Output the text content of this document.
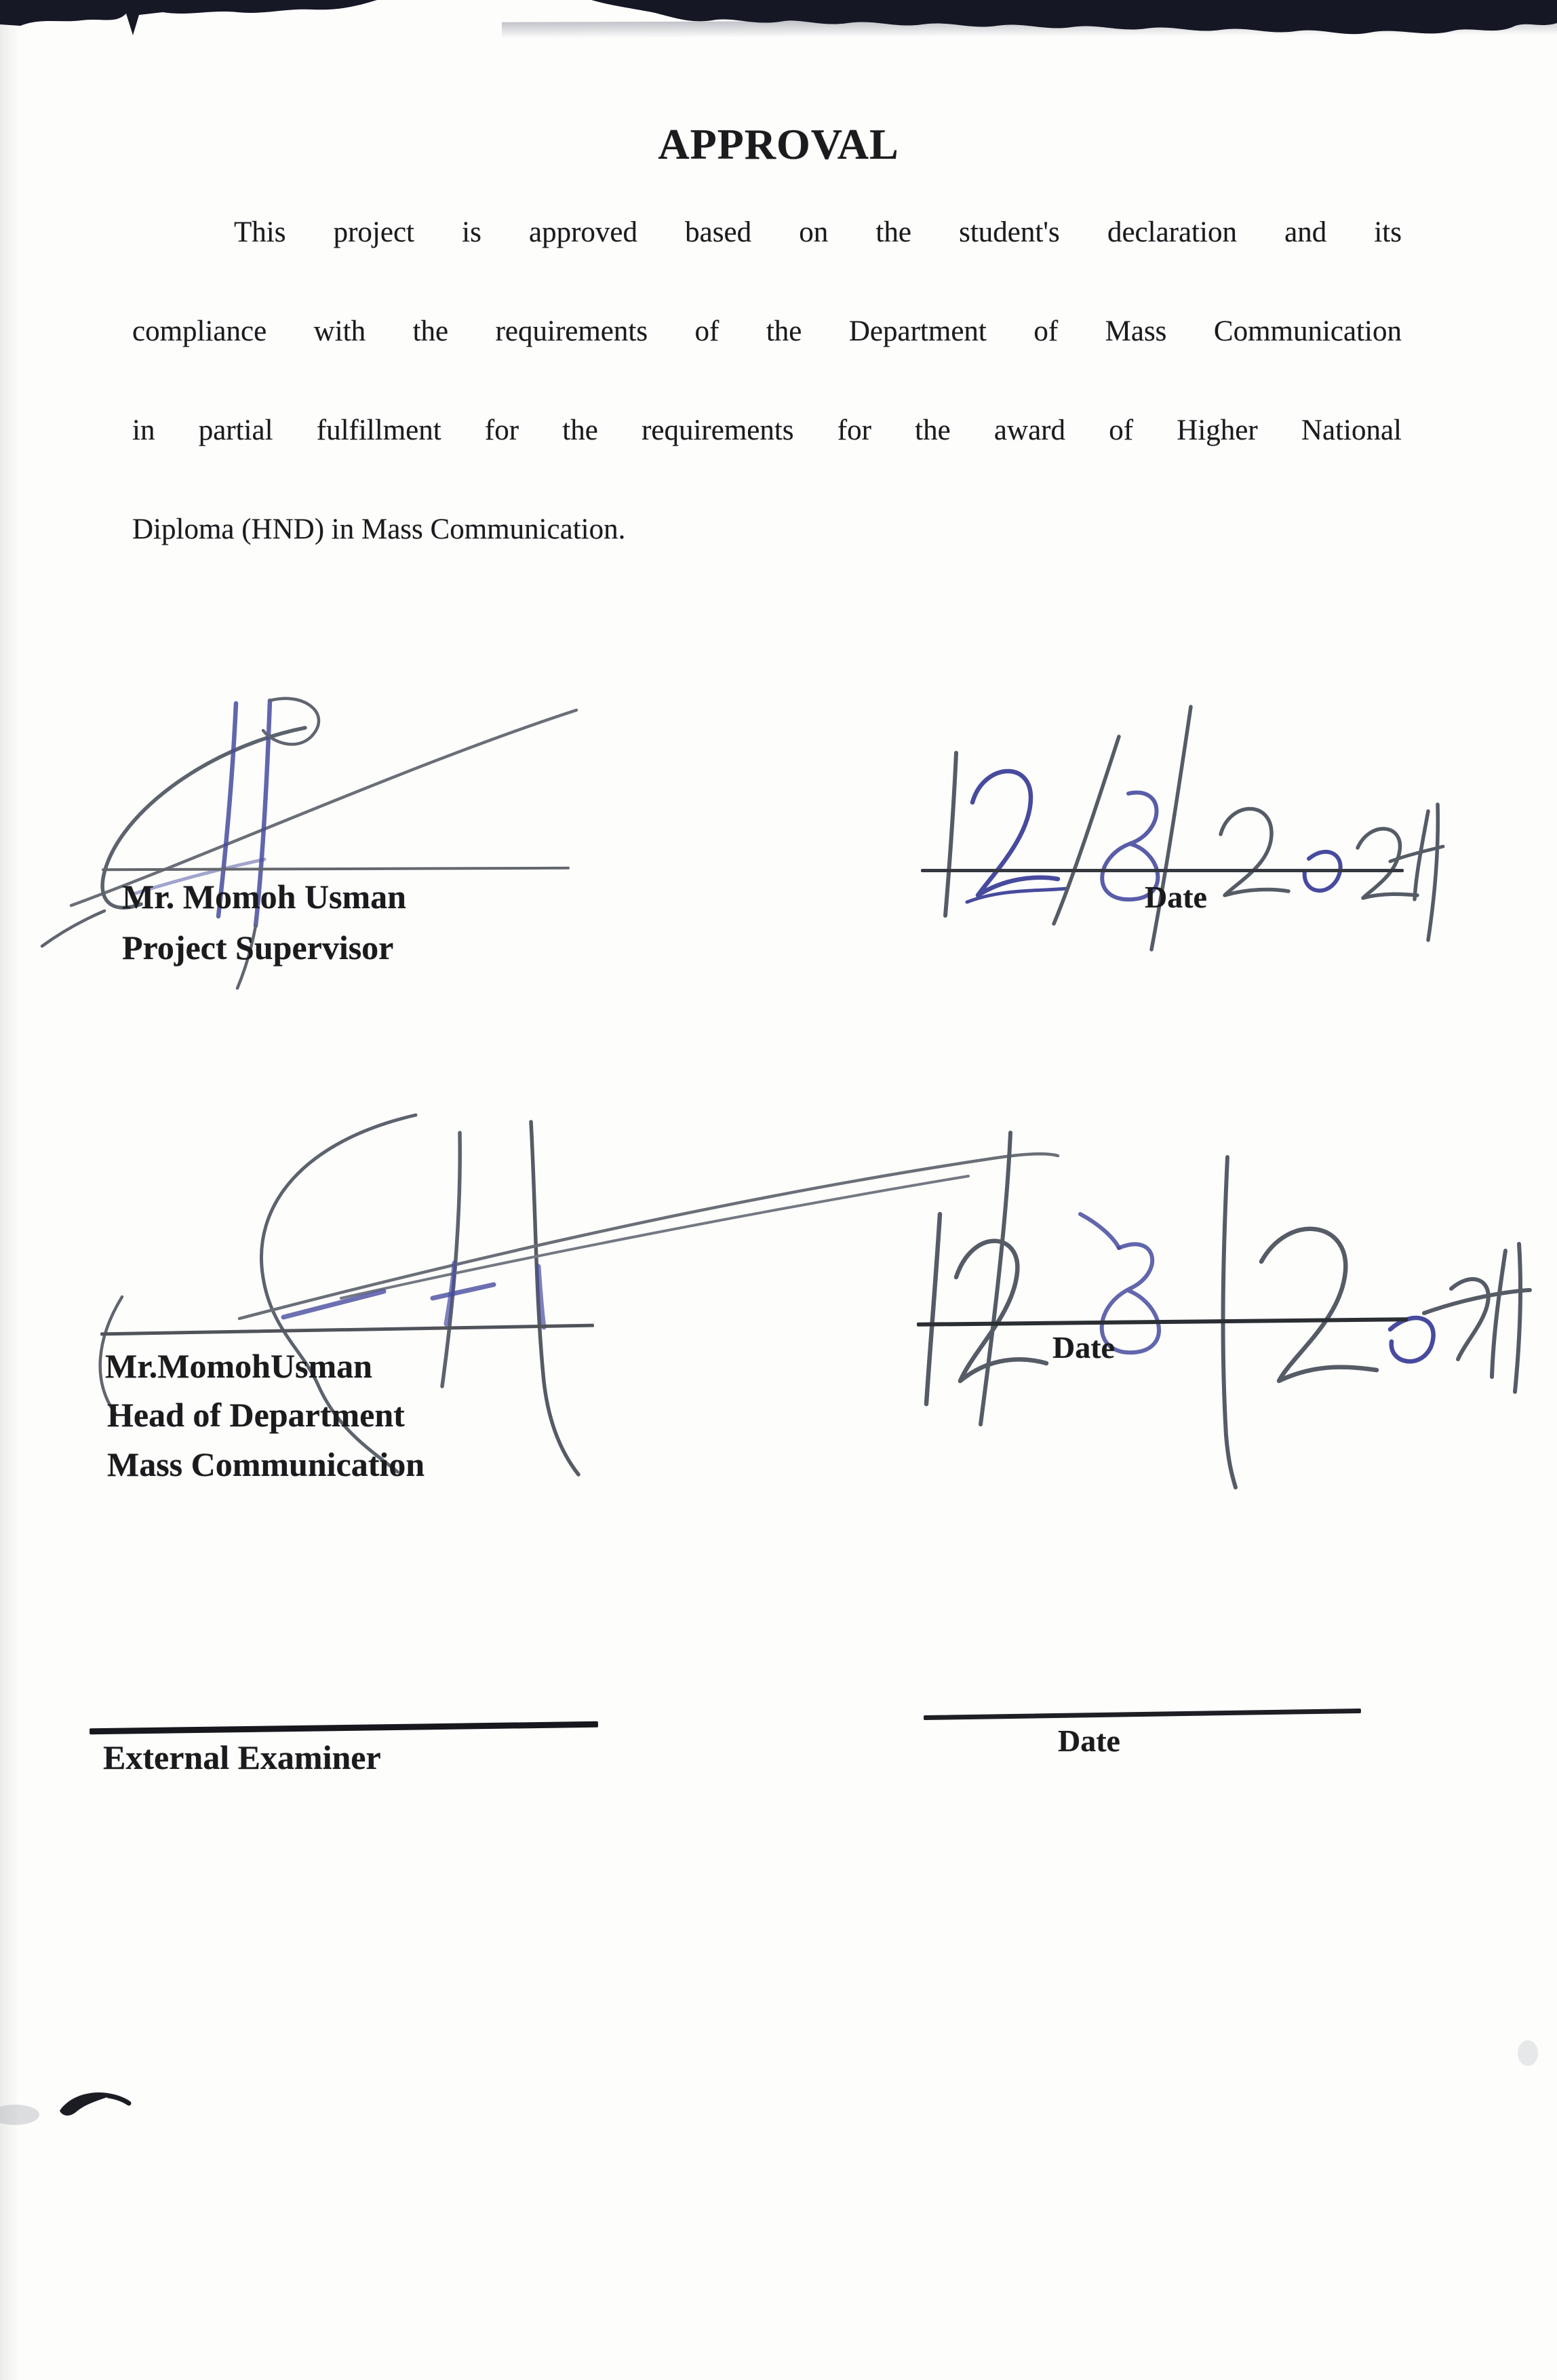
APPROVAL
This project is approved based on the student's declaration and its
compliance with the requirements of the Department of Mass Communication
in partial fulfillment for the requirements for the award of Higher National
Diploma (HND) in Mass Communication.
Mr. Momoh Usman
Project Supervisor
Date
Mr.MomohUsman
Head of Department
Mass Communication
Date
External Examiner	Date
